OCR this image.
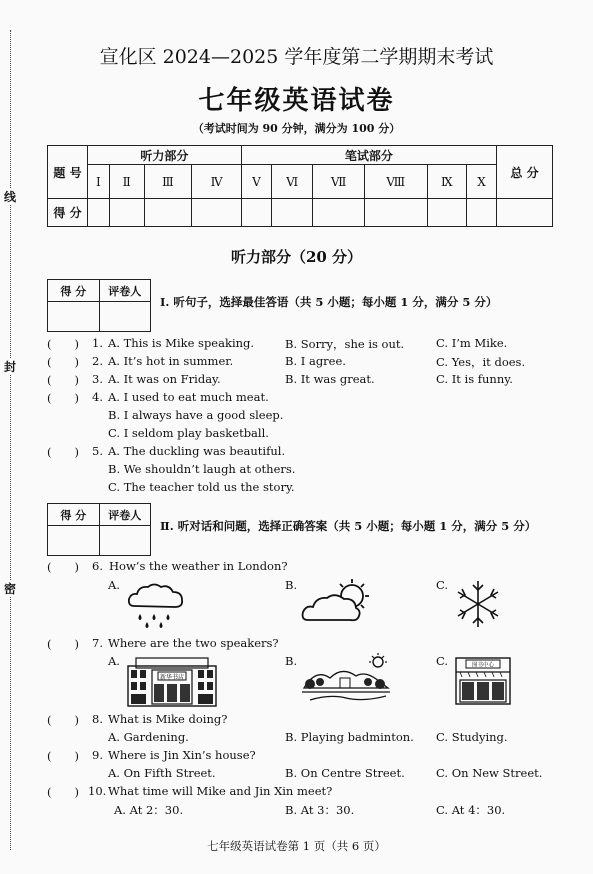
线
封
密
宣化区 2024—2025 学年度第二学期期末考试
七年级英语试卷
（考试时间为 90 分钟，满分为 100 分）
题 号	听力部分				笔试部分						总 分
	Ⅰ	Ⅱ	Ⅲ	Ⅳ	Ⅴ	Ⅵ	Ⅶ	Ⅷ	Ⅸ	Ⅹ	
得 分											
听力部分（20 分）
得 分	评卷人

Ⅰ. 听句子，选择最佳答语（共 5 小题；每小题 1 分，满分 5 分）
(　　) 1. A. This is Mike speaking.	B. Sorry，she is out.	C. I’m Mike.
(　　) 2. A. It’s hot in summer.	B. I agree.	C. Yes，it does.
(　　) 3. A. It was on Friday.	B. It was great.	C. It is funny.
(　　) 4. A. I used to eat much meat.
B. I always have a good sleep.
C. I seldom play basketball.
(　　) 5. A. The duckling was beautiful.
B. We shouldn’t laugh at others.
C. The teacher told us the story.
得 分	评卷人

Ⅱ. 听对话和问题，选择正确答案（共 5 小题；每小题 1 分，满分 5 分）
(　　) 6. How’s the weather in London?
A.	B.	C.
(　　) 7. Where are the two speakers?
A.	B.	C.
新华书店
图书中心
(　　) 8. What is Mike doing?
A. Gardening.	B. Playing badminton. C. Studying.
(　　) 9. Where is Jin Xin’s house?
A. On Fifth Street.	B. On Centre Street.	C. On New Street.
(　　) 10. What time will Mike and Jin Xin meet?
A. At 2：30.	B. At 3：30.	C. At 4：30.
七年级英语试卷第 1 页（共 6 页）
